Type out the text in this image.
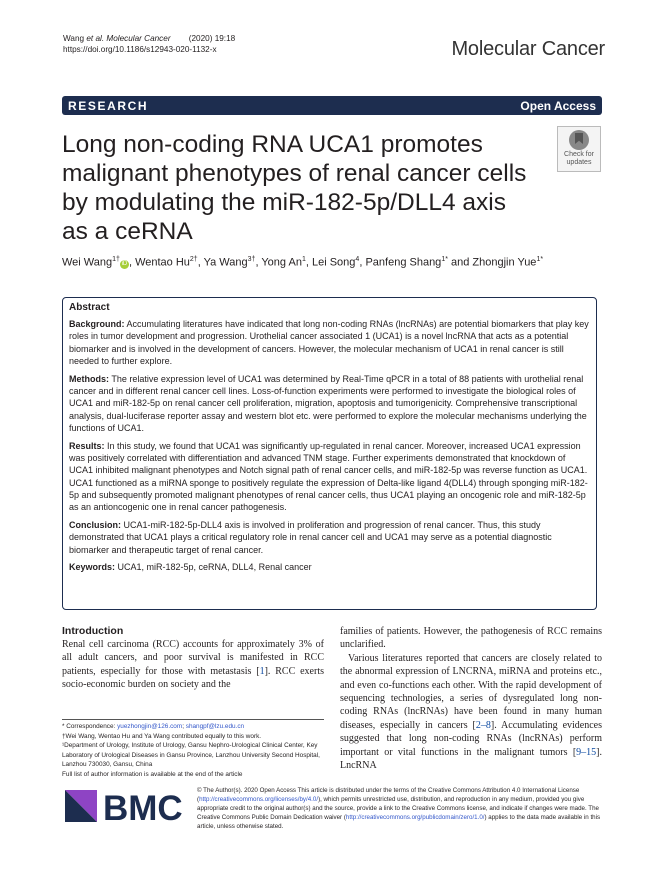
Wang et al. Molecular Cancer (2020) 19:18
https://doi.org/10.1186/s12943-020-1132-x	Molecular Cancer
RESEARCH	Open Access
Long non-coding RNA UCA1 promotes malignant phenotypes of renal cancer cells by modulating the miR-182-5p/DLL4 axis as a ceRNA
Check for
updates
Wei Wang$^{1\dagger}$iD , Wentao $Hu^{2\dagger}$, Ya Wang$^{3\dagger}$, Yong An$^1$, Lei Song$^4$, Panfeng Shang$^{1*}$ and Zhongjin Yue$^{1*}$
Abstract

Background: Accumulating literatures have indicated that long non-coding RNAs (lncRNAs) are potential biomarkers that play key roles in tumor development and progression. Urothelial cancer associated 1 (UCA1) is a novel lncRNA that acts as a potential biomarker and is involved in the development of cancers. However, the molecular mechanism of UCA1 in renal cancer is still needed to further explore.

Methods: The relative expression level of UCA1 was determined by Real-Time qPCR in a total of 88 patients with urothelial renal cancer and in different renal cancer cell lines. Loss-of-function experiments were performed to investigate the biological roles of UCA1 and miR-182-5p on renal cancer cell proliferation, migration, apoptosis and tumorigenicity. Comprehensive transcriptional analysis, dual-luciferase reporter assay and western blot etc. were performed to explore the molecular mechanisms underlying the functions of UCA1.

Results: In this study, we found that UCA1 was significantly up-regulated in renal cancer. Moreover, increased UCA1 expression was positively correlated with differentiation and advanced TNM stage. Further experiments demonstrated that knockdown of UCA1 inhibited malignant phenotypes and Notch signal path of renal cancer cells, and miR-182-5p was reverse function as UCA1. UCA1 functioned as a miRNA sponge to positively regulate the expression of Delta-like ligand 4(DLL4) through sponging miR-182-5p and subsequently promoted malignant phenotypes of renal cancer cells, thus UCA1 playing an oncogenic role and miR-182-5p as an antioncogenic one in renal cancer pathogenesis.

Conclusion: UCA1-miR-182-5p-DLL4 axis is involved in proliferation and progression of renal cancer. Thus, this study demonstrated that UCA1 plays a critical regulatory role in renal cancer cell and UCA1 may serve as a potential diagnostic biomarker and therapeutic target of renal cancer.

Keywords: UCA1, miR-182-5p, ceRNA, DLL4, Renal cancer

Introduction

Renal cell carcinoma (RCC) accounts for approximately 3% of all adult cancers, and poor survival is manifested in RCC patients, especially for those with metastasis [1]. RCC exerts socio-economic burden on society and the

families of patients. However, the pathogenesis of RCC remains unclarified.

Various literatures reported that cancers are closely related to the abnormal expression of LNCRNA, miRNA and proteins etc., and even co-functions each other. With the rapid development of sequencing technologies, a series of dysregulated long non-coding RNAs (lncRNAs) have been found in many human diseases, especially in cancers [2–8]. Accumulating evidences suggested that long non-coding RNAs (lncRNAs) perform important or vital functions in the malignant tumors [9–15]. LncRNA

* Correspondence: yuezhongjin@126.com; shangpf@lzu.edu.cn
†Wei Wang, Wentao Hu and Ya Wang contributed equally to this work.
¹Department of Urology, Institute of Urology, Gansu Nephro-Urological Clinical Center, Key Laboratory of Urological Diseases in Gansu Province, Lanzhou University Second Hospital, Lanzhou 730030, Gansu, China
Full list of author information is available at the end of the article
BMC © The Author(s). 2020 Open Access This article is distributed under the terms of the Creative Commons Attribution 4.0 International License (http://creativecommons.org/licenses/by/4.0/), which permits unrestricted use, distribution, and reproduction in any medium, provided you give appropriate credit to the original author(s) and the source, provide a link to the Creative Commons license, and indicate if changes were made. The Creative Commons Public Domain Dedication waiver (http://creativecommons.org/publicdomain/zero/1.0/) applies to the data made available in this article, unless otherwise stated.
